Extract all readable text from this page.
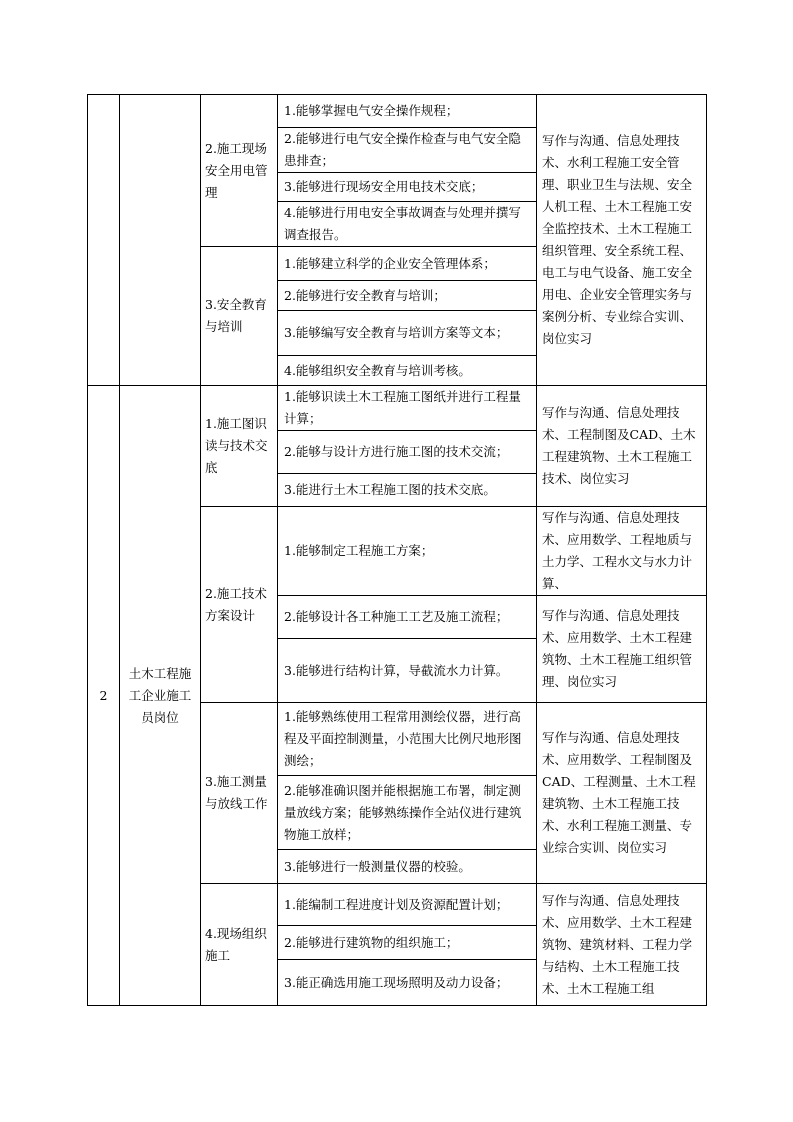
		2.施工现场安全用电管理	1.能够掌握电气安全操作规程；	写作与沟通、信息处理技术、水利工程施工安全管理、职业卫生与法规、安全人机工程、土木工程施工安全监控技术、土木工程施工组织管理、安全系统工程、电工与电气设备、施工安全用电、企业安全管理实务与案例分析、专业综合实训、岗位实习
			2.能够进行电气安全操作检查与电气安全隐患排查；	
			3.能够进行现场安全用电技术交底；	
			4.能够进行用电安全事故调查与处理并撰写调查报告。	
		3.安全教育与培训	1.能够建立科学的企业安全管理体系；	
			2.能够进行安全教育与培训；	
			3.能够编写安全教育与培训方案等文本；	
			4.能够组织安全教育与培训考核。	
2	土木工程施工企业施工员岗位	1.施工图识读与技术交底	1.能够识读土木工程施工图纸并进行工程量计算；	写作与沟通、信息处理技术、工程制图及CAD、土木工程建筑物、土木工程施工技术、岗位实习
			2.能够与设计方进行施工图的技术交流；	
			3.能进行土木工程施工图的技术交底。	
		2.施工技术方案设计	1.能够制定工程施工方案；	写作与沟通、信息处理技术、应用数学、工程地质与土力学、工程水文与水力计算、
			2.能够设计各工种施工工艺及施工流程；	写作与沟通、信息处理技术、应用数学、土木工程建筑物、土木工程施工组织管理、岗位实习
			3.能够进行结构计算，导截流水力计算。	
		3.施工测量与放线工作	1.能够熟练使用工程常用测绘仪器，进行高程及平面控制测量，小范围大比例尺地形图测绘；	写作与沟通、信息处理技术、应用数学、工程制图及CAD、工程测量、土木工程建筑物、土木工程施工技术、水利工程施工测量、专业综合实训、岗位实习
			2.能够准确识图并能根据施工布署，制定测量放线方案；能够熟练操作全站仪进行建筑物施工放样；	
			3.能够进行一般测量仪器的校验。	
		4.现场组织施工	1.能编制工程进度计划及资源配置计划；	写作与沟通、信息处理技术、应用数学、土木工程建筑物、建筑材料、工程力学与结构、土木工程施工技术、土木工程施工组
			2.能够进行建筑物的组织施工；	
			3.能正确选用施工现场照明及动力设备；	
